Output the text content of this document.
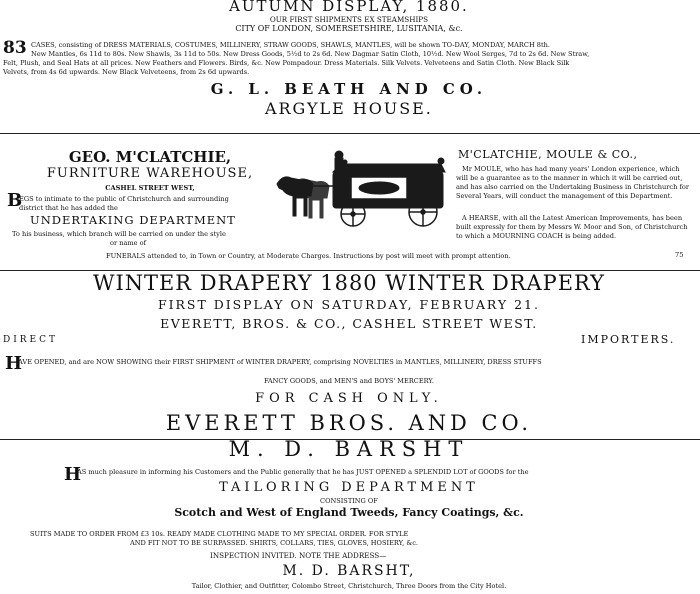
AUTUMN DISPLAY, 1880.
OUR FIRST SHIPMENTS EX STEAMSHIPS
CITY OF LONDON, SOMERSETSHIRE, LUSITANIA, &c.
83 CASES, consisting of DRESS MATERIALS, COSTUMES, MILLINERY, STRAW GOODS, SHAWLS, MANTLES, will be shown TO-DAY, MONDAY, MARCH 8th.
New Mantles, 6s 11d to 80s. New Shawls, 3s 11d to 50s. New Dress Goods, 5½d to 2s 6d. New Dagmar Satin Cloth, 10½d. New Wool Serges, 7d to 2s 6d. New Straw,
Felt, Plush, and Seal Hats at all prices. New Feathers and Flowers. Birds, &c. New Pompadour. Dress Materials. Silk Velvets. Velveteens and Satin Cloth. New Black Silk
Velvets, from 4s 6d upwards. New Black Velveteens, from 2s 6d upwards.
G. L. BEATH AND CO.
ARGYLE HOUSE.
GEO. M'CLATCHIE,
FURNITURE WAREHOUSE,
CASHEL STREET WEST,
B
EGS to intimate to the public of Christchurch and surrounding
district that he has added the
UNDERTAKING DEPARTMENT
To his business, which branch will be carried on under the style
or name of
M'CLATCHIE, MOULE & CO.,
Mr MOULE, who has had many years' London experience, which
will be a guarantee as to the manner in which it will be carried out,
and has also carried on the Undertaking Business in Christchurch for
Several Years, will conduct the management of this Department.
A HEARSE, with all the Latest American Improvements, has been
built expressly for them by Messrs W. Moor and Son, of Christchurch
to which a MOURNING COACH is being added.
FUNERALS attended to, in Town or Country, at Moderate Charges. Instructions by post will meet with prompt attention.	75
WINTER DRAPERY 1880 WINTER DRAPERY
FIRST DISPLAY ON SATURDAY, FEBRUARY 21.
EVERETT, BROS. & CO., CASHEL STREET WEST.
DIRECT	IMPORTERS.
H
AVE OPENED, and are NOW SHOWING their FIRST SHIPMENT of WINTER DRAPERY, comprising NOVELTIES in MANTLES, MILLINERY, DRESS STUFFS
FANCY GOODS, and MEN'S and BOYS' MERCERY.
FOR CASH ONLY.
EVERETT BROS. AND CO.
M. D. BARSHT
H
AS much pleasure in informing his Customers and the Public generally that he has JUST OPENED a SPLENDID LOT of GOODS for the
TAILORING DEPARTMENT
CONSISTING OF
Scotch and West of England Tweeds, Fancy Coatings, &c.
SUITS MADE TO ORDER FROM £3 10s. READY MADE CLOTHING MADE TO MY SPECIAL ORDER. FOR STYLE
AND FIT NOT TO BE SURPASSED. SHIRTS, COLLARS, TIES, GLOVES, HOSIERY, &c.
INSPECTION INVITED. NOTE THE ADDRESS—
M. D. BARSHT,
Tailor, Clothier, and Outfitter, Colombo Street, Christchurch, Three Doors from the City Hotel.
